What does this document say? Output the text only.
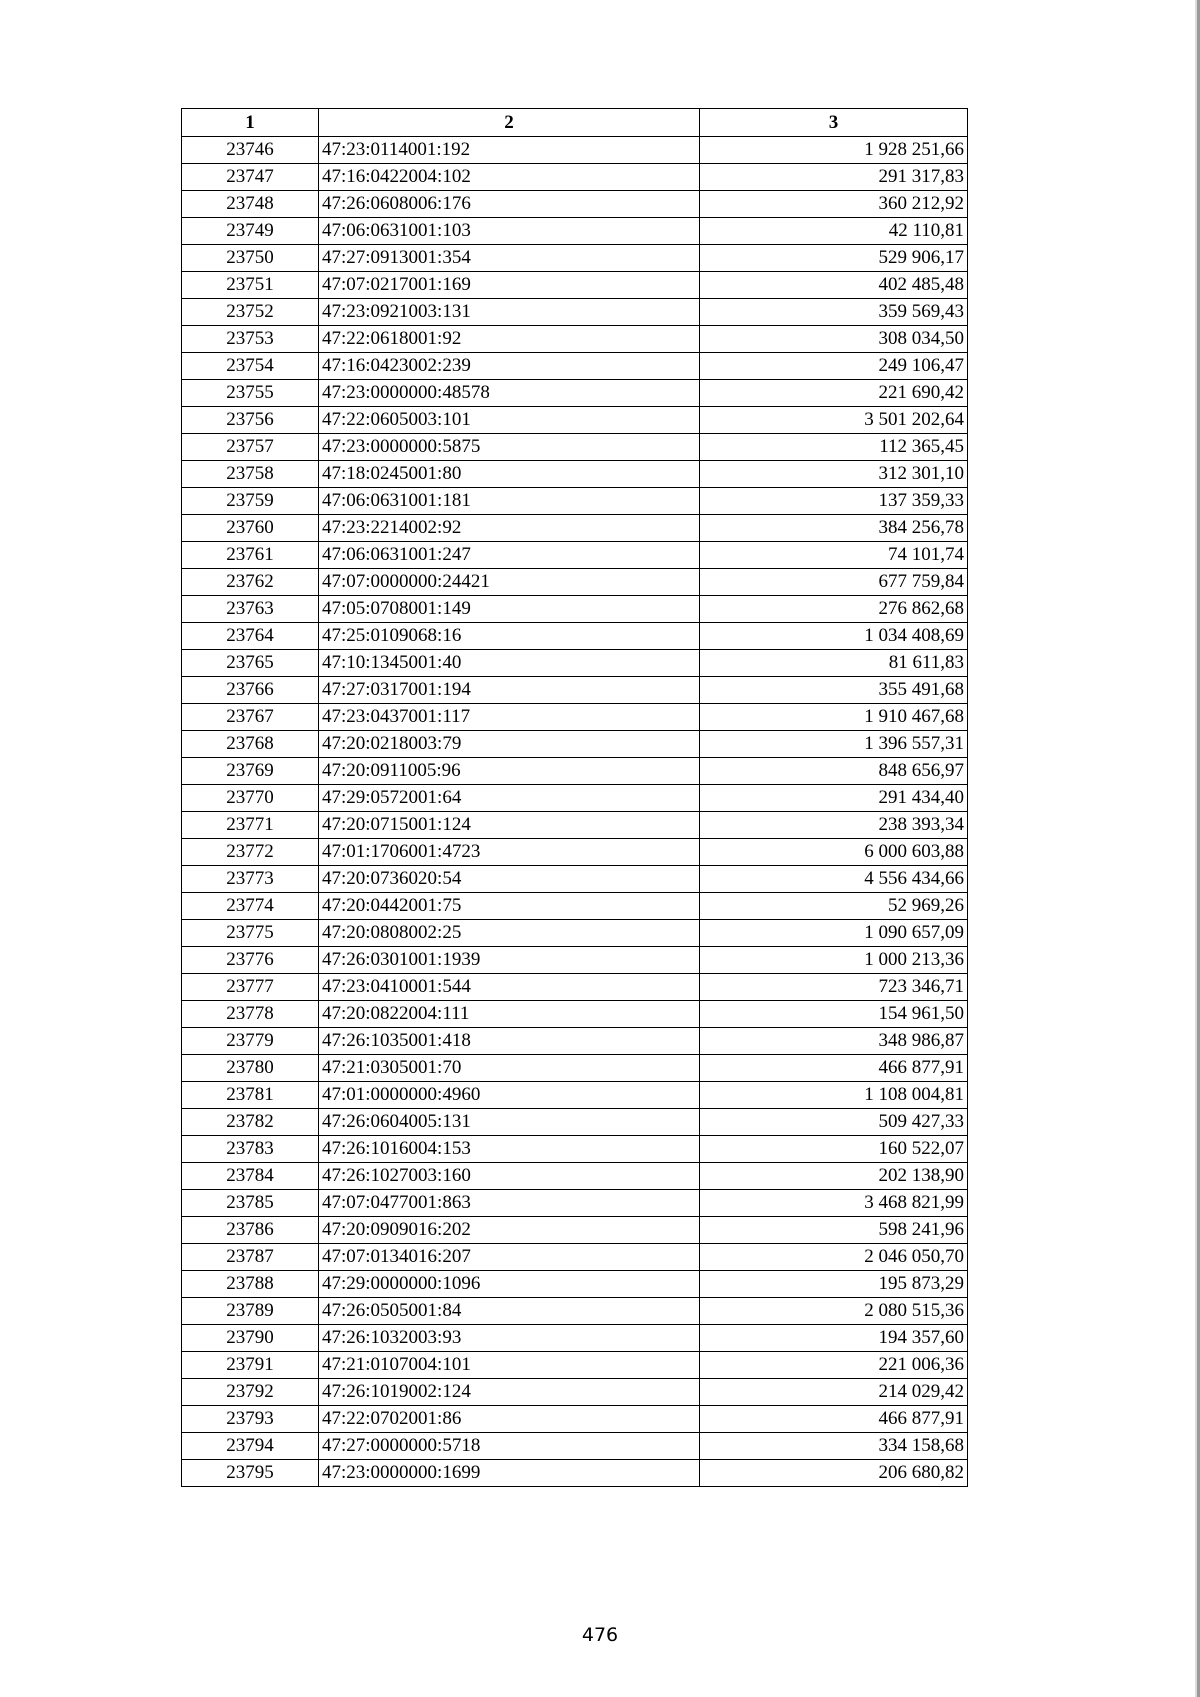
1	2	3
23746	47:23:0114001:192	1 928 251,66
23747	47:16:0422004:102	291 317,83
23748	47:26:0608006:176	360 212,92
23749	47:06:0631001:103	42 110,81
23750	47:27:0913001:354	529 906,17
23751	47:07:0217001:169	402 485,48
23752	47:23:0921003:131	359 569,43
23753	47:22:0618001:92	308 034,50
23754	47:16:0423002:239	249 106,47
23755	47:23:0000000:48578	221 690,42
23756	47:22:0605003:101	3 501 202,64
23757	47:23:0000000:5875	112 365,45
23758	47:18:0245001:80	312 301,10
23759	47:06:0631001:181	137 359,33
23760	47:23:2214002:92	384 256,78
23761	47:06:0631001:247	74 101,74
23762	47:07:0000000:24421	677 759,84
23763	47:05:0708001:149	276 862,68
23764	47:25:0109068:16	1 034 408,69
23765	47:10:1345001:40	81 611,83
23766	47:27:0317001:194	355 491,68
23767	47:23:0437001:117	1 910 467,68
23768	47:20:0218003:79	1 396 557,31
23769	47:20:0911005:96	848 656,97
23770	47:29:0572001:64	291 434,40
23771	47:20:0715001:124	238 393,34
23772	47:01:1706001:4723	6 000 603,88
23773	47:20:0736020:54	4 556 434,66
23774	47:20:0442001:75	52 969,26
23775	47:20:0808002:25	1 090 657,09
23776	47:26:0301001:1939	1 000 213,36
23777	47:23:0410001:544	723 346,71
23778	47:20:0822004:111	154 961,50
23779	47:26:1035001:418	348 986,87
23780	47:21:0305001:70	466 877,91
23781	47:01:0000000:4960	1 108 004,81
23782	47:26:0604005:131	509 427,33
23783	47:26:1016004:153	160 522,07
23784	47:26:1027003:160	202 138,90
23785	47:07:0477001:863	3 468 821,99
23786	47:20:0909016:202	598 241,96
23787	47:07:0134016:207	2 046 050,70
23788	47:29:0000000:1096	195 873,29
23789	47:26:0505001:84	2 080 515,36
23790	47:26:1032003:93	194 357,60
23791	47:21:0107004:101	221 006,36
23792	47:26:1019002:124	214 029,42
23793	47:22:0702001:86	466 877,91
23794	47:27:0000000:5718	334 158,68
23795	47:23:0000000:1699	206 680,82
476
